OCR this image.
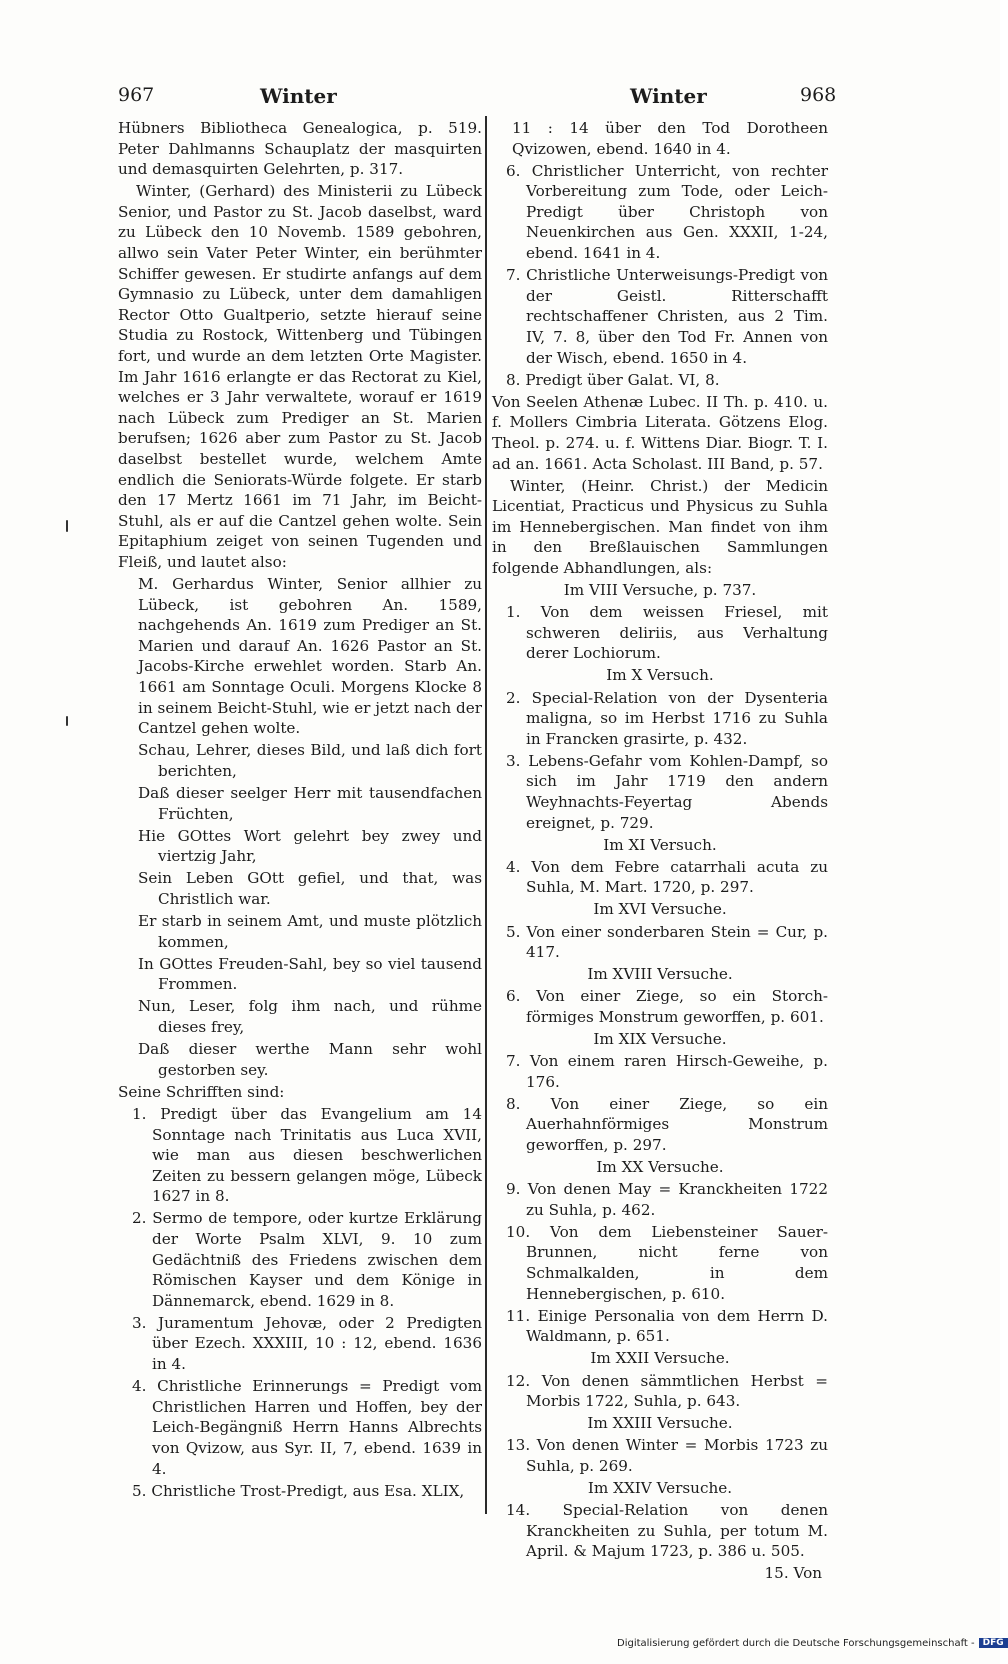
967	Winter	Winter	968

Hübners Bibliotheca Genealogica, p. 519. Peter Dahlmanns Schauplatz der masquirten und demasquirten Gelehrten, p. 317.

Winter, (Gerhard) des Ministerii zu Lübeck Senior, und Pastor zu St. Jacob daselbst, ward zu Lübeck den 10 Novemb. 1589 gebohren, allwo sein Vater Peter Winter, ein berühmter Schiffer gewesen. Er studirte anfangs auf dem Gymnasio zu Lübeck, unter dem damahligen Rector Otto Gualtperio, setzte hierauf seine Studia zu Rostock, Wittenberg und Tübingen fort, und wurde an dem letzten Orte Magister. Im Jahr 1616 erlangte er das Rectorat zu Kiel, welches er 3 Jahr verwaltete, worauf er 1619 nach Lübeck zum Prediger an St. Marien berufsen; 1626 aber zum Pastor zu St. Jacob daselbst bestellet wurde, welchem Amte endlich die Seniorats-Würde folgete. Er starb den 17 Mertz 1661 im 71 Jahr, im Beicht-Stuhl, als er auf die Cantzel gehen wolte. Sein Epitaphium zeiget von seinen Tugenden und Fleiß, und lautet also:

M. Gerhardus Winter, Senior allhier zu Lübeck, ist gebohren An. 1589, nachgehends An. 1619 zum Prediger an St. Marien und darauf An. 1626 Pastor an St. Jacobs-Kirche erwehlet worden. Starb An. 1661 am Sonntage Oculi. Morgens Klocke 8 in seinem Beicht-Stuhl, wie er jetzt nach der Cantzel gehen wolte.

Schau, Lehrer, dieses Bild, und laß dich fort berichten,

Daß dieser seelger Herr mit tausendfachen Früchten,

Hie GOttes Wort gelehrt bey zwey und viertzig Jahr,

Sein Leben GOtt gefiel, und that, was Christlich war.

Er starb in seinem Amt, und muste plötzlich kommen,

In GOttes Freuden-Sahl, bey so viel tausend Frommen.

Nun, Leser, folg ihm nach, und rühme dieses frey,

Daß dieser werthe Mann sehr wohl gestorben sey.

Seine Schrifften sind:

1. Predigt über das Evangelium am 14 Sonntage nach Trinitatis aus Luca XVII, wie man aus diesen beschwerlichen Zeiten zu bessern gelangen möge, Lübeck 1627 in 8.

2. Sermo de tempore, oder kurtze Erklärung der Worte Psalm XLVI, 9. 10 zum Gedächtniß des Friedens zwischen dem Römischen Kayser und dem Könige in Dännemarck, ebend. 1629 in 8.

3. Juramentum Jehovæ, oder 2 Predigten über Ezech. XXXIII, 10 : 12, ebend. 1636 in 4.

4. Christliche Erinnerungs = Predigt vom Christlichen Harren und Hoffen, bey der Leich-Begängniß Herrn Hanns Albrechts von Qvizow, aus Syr. II, 7, ebend. 1639 in 4.

5. Christliche Trost-Predigt, aus Esa. XLIX,

11 : 14 über den Tod Dorotheen Qvizowen, ebend. 1640 in 4.

6. Christlicher Unterricht, von rechter Vorbereitung zum Tode, oder Leich-Predigt über Christoph von Neuenkirchen aus Gen. XXXII, 1-24, ebend. 1641 in 4.

7. Christliche Unterweisungs-Predigt von der Geistl. Ritterschafft rechtschaffener Christen, aus 2 Tim. IV, 7. 8, über den Tod Fr. Annen von der Wisch, ebend. 1650 in 4.

8. Predigt über Galat. VI, 8.

Von Seelen Athenæ Lubec. II Th. p. 410. u. f. Mollers Cimbria Literata. Götzens Elog. Theol. p. 274. u. f. Wittens Diar. Biogr. T. I. ad an. 1661. Acta Scholast. III Band, p. 57.

Winter, (Heinr. Christ.) der Medicin Licentiat, Practicus und Physicus zu Suhla im Hennebergischen. Man findet von ihm in den Breßlauischen Sammlungen folgende Abhandlungen, als:

Im VIII Versuche, p. 737.

1. Von dem weissen Friesel, mit schweren deliriis, aus Verhaltung derer Lochiorum.

Im X Versuch.

2. Special-Relation von der Dysenteria maligna, so im Herbst 1716 zu Suhla in Francken grasirte, p. 432.

3. Lebens-Gefahr vom Kohlen-Dampf, so sich im Jahr 1719 den andern Weyhnachts-Feyertag Abends ereignet, p. 729.

Im XI Versuch.

4. Von dem Febre catarrhali acuta zu Suhla, M. Mart. 1720, p. 297.

Im XVI Versuche.

5. Von einer sonderbaren Stein = Cur, p. 417.

Im XVIII Versuche.

6. Von einer Ziege, so ein Storch-förmiges Monstrum geworffen, p. 601.

Im XIX Versuche.

7. Von einem raren Hirsch-Geweihe, p. 176.

8. Von einer Ziege, so ein Auerhahnförmiges Monstrum geworffen, p. 297.

Im XX Versuche.

9. Von denen May = Kranckheiten 1722 zu Suhla, p. 462.

10. Von dem Liebensteiner Sauer-Brunnen, nicht ferne von Schmalkalden, in dem Hennebergischen, p. 610.

11. Einige Personalia von dem Herrn D. Waldmann, p. 651.

Im XXII Versuche.

12. Von denen sämmtlichen Herbst = Morbis 1722, Suhla, p. 643.

Im XXIII Versuche.

13. Von denen Winter = Morbis 1723 zu Suhla, p. 269.

Im XXIV Versuche.

14. Special-Relation von denen Kranckheiten zu Suhla, per totum M. April. & Majum 1723, p. 386 u. 505.

15. Von

Digitalisierung gefördert durch die Deutsche Forschungsgemeinschaft - DFG
